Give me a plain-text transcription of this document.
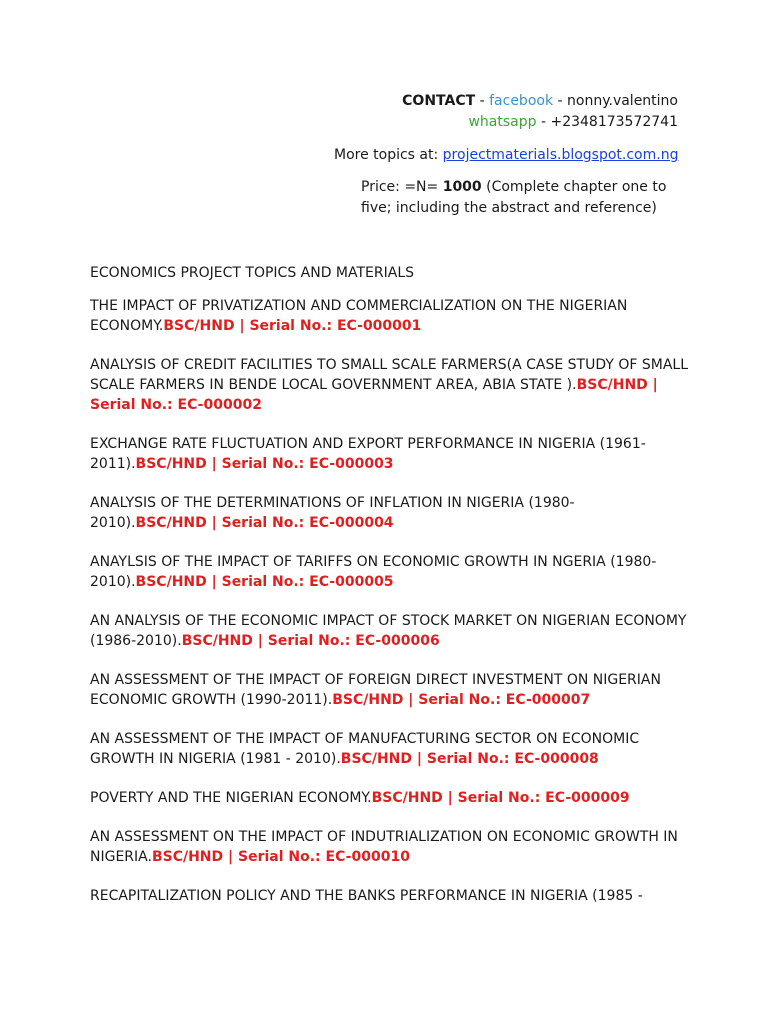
CONTACT - facebook - nonny.valentino
whatsapp - +2348173572741
More topics at: projectmaterials.blogspot.com.ng
Price: =N= 1000 (Complete chapter one to five; including the abstract and reference)
ECONOMICS PROJECT TOPICS AND MATERIALS
THE IMPACT OF PRIVATIZATION AND COMMERCIALIZATION ON THE NIGERIAN ECONOMY.BSC/HND | Serial No.: EC-000001
ANALYSIS OF CREDIT FACILITIES TO SMALL SCALE FARMERS(A CASE STUDY OF SMALL SCALE FARMERS IN BENDE LOCAL GOVERNMENT AREA, ABIA STATE ).BSC/HND | Serial No.: EC-000002
EXCHANGE RATE FLUCTUATION AND EXPORT PERFORMANCE IN NIGERIA (1961-2011).BSC/HND | Serial No.: EC-000003
ANALYSIS OF THE DETERMINATIONS OF INFLATION IN NIGERIA (1980-2010).BSC/HND | Serial No.: EC-000004
ANAYLSIS OF THE IMPACT OF TARIFFS ON ECONOMIC GROWTH IN NGERIA (1980-2010).BSC/HND | Serial No.: EC-000005
AN ANALYSIS OF THE ECONOMIC IMPACT OF STOCK MARKET ON NIGERIAN ECONOMY (1986-2010).BSC/HND | Serial No.: EC-000006
AN ASSESSMENT OF THE IMPACT OF FOREIGN DIRECT INVESTMENT ON NIGERIAN ECONOMIC GROWTH (1990-2011).BSC/HND | Serial No.: EC-000007
AN ASSESSMENT OF THE IMPACT OF MANUFACTURING SECTOR ON ECONOMIC GROWTH IN NIGERIA (1981 - 2010).BSC/HND | Serial No.: EC-000008
POVERTY AND THE NIGERIAN ECONOMY.BSC/HND | Serial No.: EC-000009
AN ASSESSMENT ON THE IMPACT OF INDUTRIALIZATION ON ECONOMIC GROWTH IN NIGERIA.BSC/HND | Serial No.: EC-000010
RECAPITALIZATION POLICY AND THE BANKS PERFORMANCE IN NIGERIA (1985 -
